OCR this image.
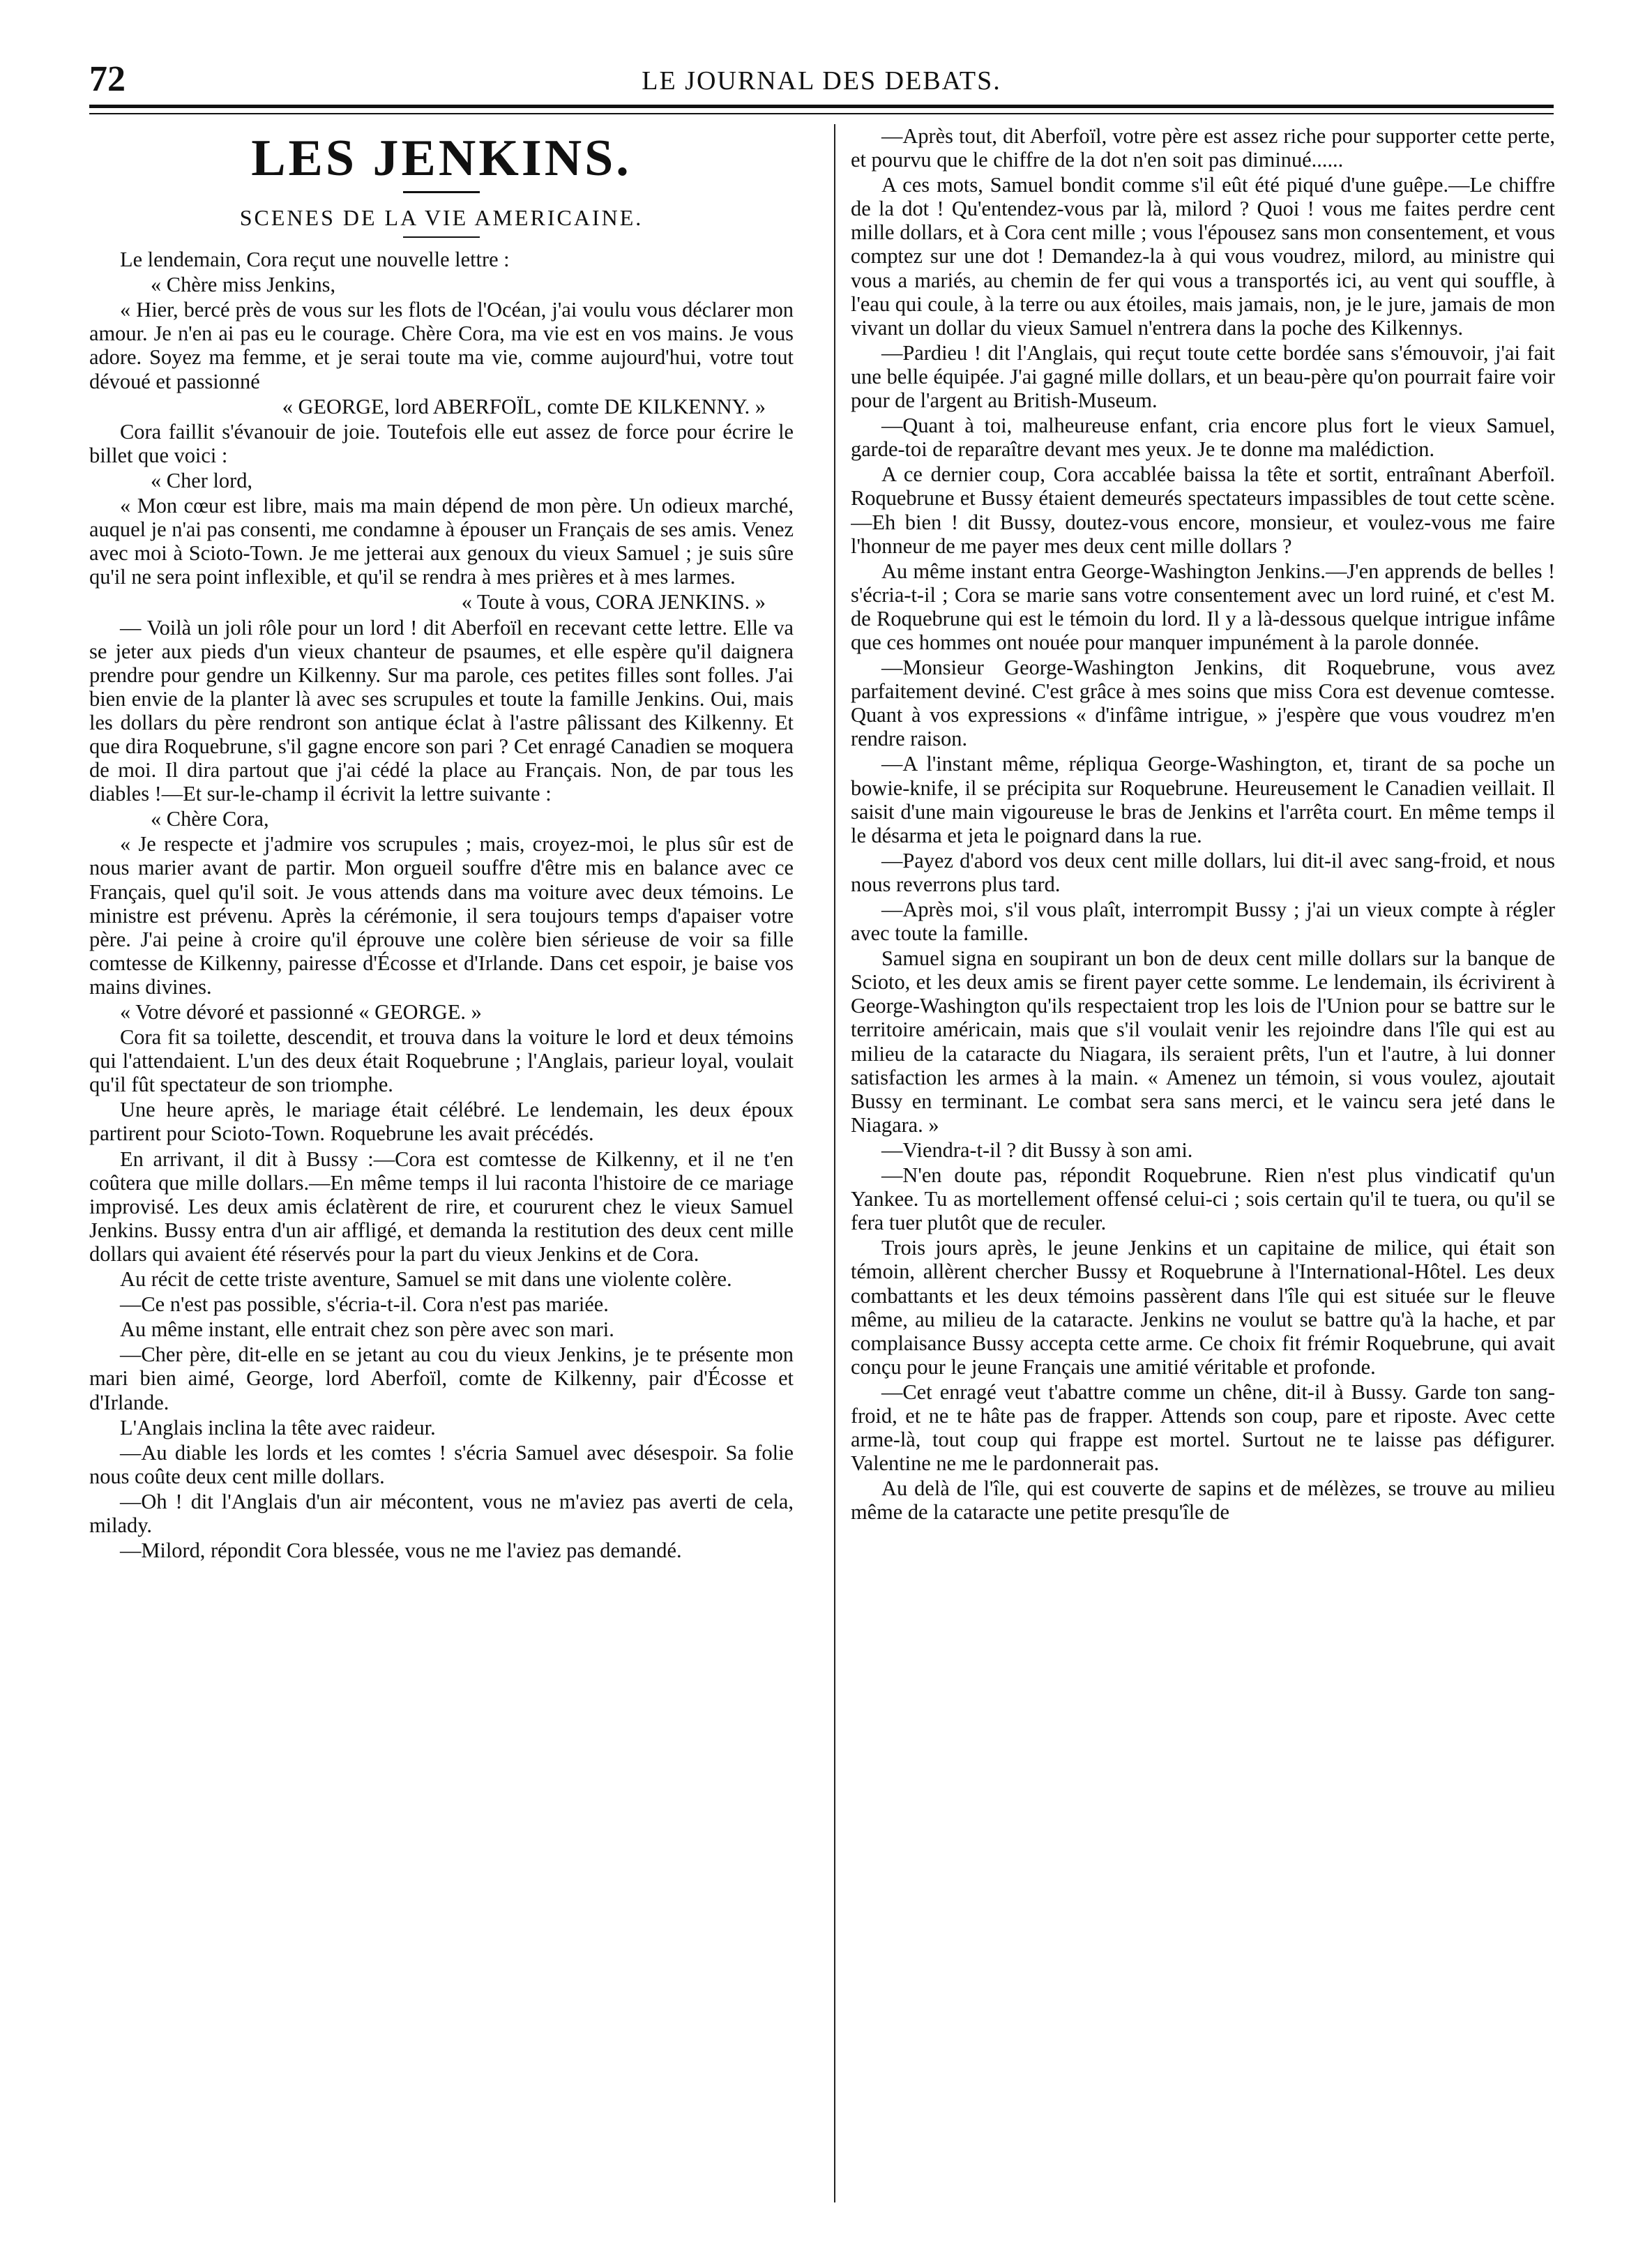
72	LE JOURNAL DES DEBATS.
LES JENKINS.
SCENES DE LA VIE AMERICAINE.

Le lendemain, Cora reçut une nouvelle lettre :

« Chère miss Jenkins,

« Hier, bercé près de vous sur les flots de l'Océan, j'ai voulu vous déclarer mon amour. Je n'en ai pas eu le courage. Chère Cora, ma vie est en vos mains. Je vous adore. Soyez ma femme, et je serai toute ma vie, comme aujourd'hui, votre tout dévoué et passionné

« GEORGE, lord ABERFOÏL, comte DE KILKENNY. »

Cora faillit s'évanouir de joie. Toutefois elle eut assez de force pour écrire le billet que voici :

« Cher lord,

« Mon cœur est libre, mais ma main dépend de mon père. Un odieux marché, auquel je n'ai pas consenti, me condamne à épouser un Français de ses amis. Venez avec moi à Scioto-Town. Je me jetterai aux genoux du vieux Samuel ; je suis sûre qu'il ne sera point inflexible, et qu'il se rendra à mes prières et à mes larmes.

« Toute à vous, CORA JENKINS. »

— Voilà un joli rôle pour un lord ! dit Aberfoïl en recevant cette lettre. Elle va se jeter aux pieds d'un vieux chanteur de psaumes, et elle espère qu'il daignera prendre pour gendre un Kilkenny. Sur ma parole, ces petites filles sont folles. J'ai bien envie de la planter là avec ses scrupules et toute la famille Jenkins. Oui, mais les dollars du père rendront son antique éclat à l'astre pâlissant des Kilkenny. Et que dira Roquebrune, s'il gagne encore son pari ? Cet enragé Canadien se moquera de moi. Il dira partout que j'ai cédé la place au Français. Non, de par tous les diables !—Et sur-le-champ il écrivit la lettre suivante :

« Chère Cora,

« Je respecte et j'admire vos scrupules ; mais, croyez-moi, le plus sûr est de nous marier avant de partir. Mon orgueil souffre d'être mis en balance avec ce Français, quel qu'il soit. Je vous attends dans ma voiture avec deux témoins. Le ministre est prévenu. Après la cérémonie, il sera toujours temps d'apaiser votre père. J'ai peine à croire qu'il éprouve une colère bien sérieuse de voir sa fille comtesse de Kilkenny, pairesse d'Écosse et d'Irlande. Dans cet espoir, je baise vos mains divines.

« Votre dévoré et passionné « GEORGE. »

Cora fit sa toilette, descendit, et trouva dans la voiture le lord et deux témoins qui l'attendaient. L'un des deux était Roquebrune ; l'Anglais, parieur loyal, voulait qu'il fût spectateur de son triomphe.

Une heure après, le mariage était célébré. Le lendemain, les deux époux partirent pour Scioto-Town. Roquebrune les avait précédés.

En arrivant, il dit à Bussy :—Cora est comtesse de Kilkenny, et il ne t'en coûtera que mille dollars.—En même temps il lui raconta l'histoire de ce mariage improvisé. Les deux amis éclatèrent de rire, et coururent chez le vieux Samuel Jenkins. Bussy entra d'un air affligé, et demanda la restitution des deux cent mille dollars qui avaient été réservés pour la part du vieux Jenkins et de Cora.

Au récit de cette triste aventure, Samuel se mit dans une violente colère.

—Ce n'est pas possible, s'écria-t-il. Cora n'est pas mariée.

Au même instant, elle entrait chez son père avec son mari.

—Cher père, dit-elle en se jetant au cou du vieux Jenkins, je te présente mon mari bien aimé, George, lord Aberfoïl, comte de Kilkenny, pair d'Écosse et d'Irlande.

L'Anglais inclina la tête avec raideur.

—Au diable les lords et les comtes ! s'écria Samuel avec désespoir. Sa folie nous coûte deux cent mille dollars.

—Oh ! dit l'Anglais d'un air mécontent, vous ne m'aviez pas averti de cela, milady.

—Milord, répondit Cora blessée, vous ne me l'aviez pas demandé.

—Après tout, dit Aberfoïl, votre père est assez riche pour supporter cette perte, et pourvu que le chiffre de la dot n'en soit pas diminué......

A ces mots, Samuel bondit comme s'il eût été piqué d'une guêpe.—Le chiffre de la dot ! Qu'entendez-vous par là, milord ? Quoi ! vous me faites perdre cent mille dollars, et à Cora cent mille ; vous l'épousez sans mon consentement, et vous comptez sur une dot ! Demandez-la à qui vous voudrez, milord, au ministre qui vous a mariés, au chemin de fer qui vous a transportés ici, au vent qui souffle, à l'eau qui coule, à la terre ou aux étoiles, mais jamais, non, je le jure, jamais de mon vivant un dollar du vieux Samuel n'entrera dans la poche des Kilkennys.

—Pardieu ! dit l'Anglais, qui reçut toute cette bordée sans s'émouvoir, j'ai fait une belle équipée. J'ai gagné mille dollars, et un beau-père qu'on pourrait faire voir pour de l'argent au British-Museum.

—Quant à toi, malheureuse enfant, cria encore plus fort le vieux Samuel, garde-toi de reparaître devant mes yeux. Je te donne ma malédiction.

A ce dernier coup, Cora accablée baissa la tête et sortit, entraînant Aberfoïl. Roquebrune et Bussy étaient demeurés spectateurs impassibles de tout cette scène.—Eh bien ! dit Bussy, doutez-vous encore, monsieur, et voulez-vous me faire l'honneur de me payer mes deux cent mille dollars ?

Au même instant entra George-Washington Jenkins.—J'en apprends de belles ! s'écria-t-il ; Cora se marie sans votre consentement avec un lord ruiné, et c'est M. de Roquebrune qui est le témoin du lord. Il y a là-dessous quelque intrigue infâme que ces hommes ont nouée pour manquer impunément à la parole donnée.

—Monsieur George-Washington Jenkins, dit Roquebrune, vous avez parfaitement deviné. C'est grâce à mes soins que miss Cora est devenue comtesse. Quant à vos expressions « d'infâme intrigue, » j'espère que vous voudrez m'en rendre raison.

—A l'instant même, répliqua George-Washington, et, tirant de sa poche un bowie-knife, il se précipita sur Roquebrune. Heureusement le Canadien veillait. Il saisit d'une main vigoureuse le bras de Jenkins et l'arrêta court. En même temps il le désarma et jeta le poignard dans la rue.

—Payez d'abord vos deux cent mille dollars, lui dit-il avec sang-froid, et nous nous reverrons plus tard.

—Après moi, s'il vous plaît, interrompit Bussy ; j'ai un vieux compte à régler avec toute la famille.

Samuel signa en soupirant un bon de deux cent mille dollars sur la banque de Scioto, et les deux amis se firent payer cette somme. Le lendemain, ils écrivirent à George-Washington qu'ils respectaient trop les lois de l'Union pour se battre sur le territoire américain, mais que s'il voulait venir les rejoindre dans l'île qui est au milieu de la cataracte du Niagara, ils seraient prêts, l'un et l'autre, à lui donner satisfaction les armes à la main. « Amenez un témoin, si vous voulez, ajoutait Bussy en terminant. Le combat sera sans merci, et le vaincu sera jeté dans le Niagara. »

—Viendra-t-il ? dit Bussy à son ami.

—N'en doute pas, répondit Roquebrune. Rien n'est plus vindicatif qu'un Yankee. Tu as mortellement offensé celui-ci ; sois certain qu'il te tuera, ou qu'il se fera tuer plutôt que de reculer.

Trois jours après, le jeune Jenkins et un capitaine de milice, qui était son témoin, allèrent chercher Bussy et Roquebrune à l'International-Hôtel. Les deux combattants et les deux témoins passèrent dans l'île qui est située sur le fleuve même, au milieu de la cataracte. Jenkins ne voulut se battre qu'à la hache, et par complaisance Bussy accepta cette arme. Ce choix fit frémir Roquebrune, qui avait conçu pour le jeune Français une amitié véritable et profonde.

—Cet enragé veut t'abattre comme un chêne, dit-il à Bussy. Garde ton sang-froid, et ne te hâte pas de frapper. Attends son coup, pare et riposte. Avec cette arme-là, tout coup qui frappe est mortel. Surtout ne te laisse pas défigurer. Valentine ne me le pardonnerait pas.

Au delà de l'île, qui est couverte de sapins et de mélèzes, se trouve au milieu même de la cataracte une petite presqu'île de
